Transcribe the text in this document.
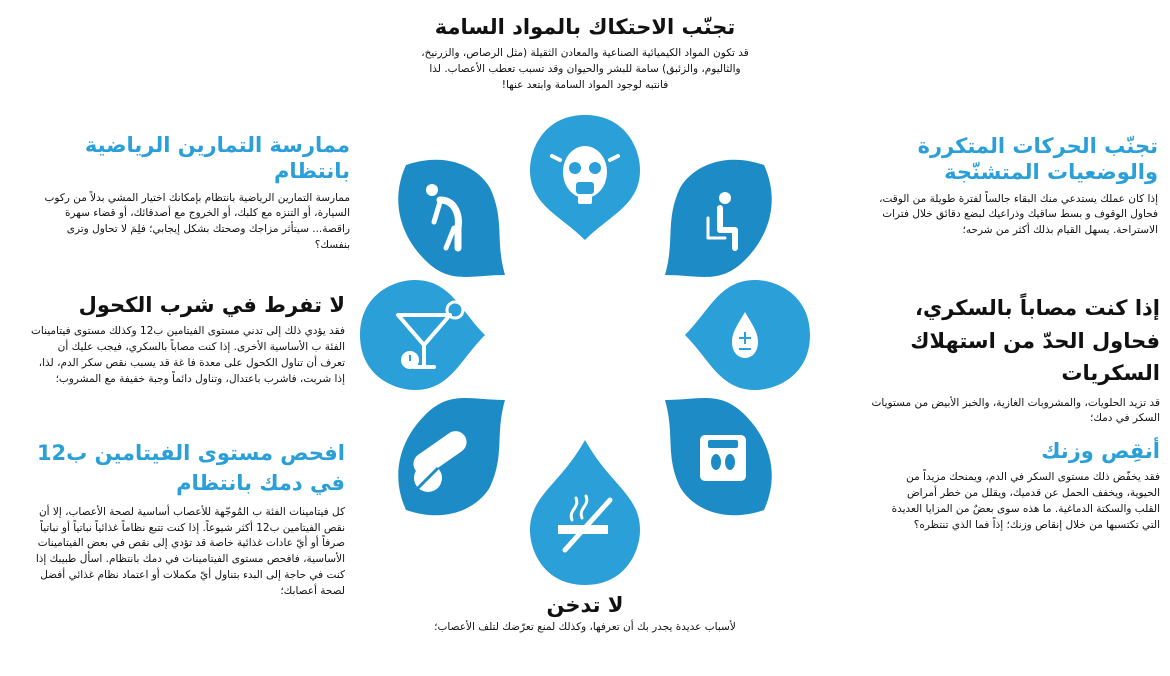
تجنّب الاحتكاك بالمواد السامة

قد تكون المواد الكيميائية الصناعية والمعادن الثقيلة (مثل الرصاص، والزرنيخ، والثاليوم، والزئبق) سامة للبشر والحيوان وقد تسبب تعطب الأعصاب. لذا فانتبه لوجود المواد السامة وابتعد عنها!

ممارسة التمارين الرياضية بانتظام

ممارسة التمارين الرياضية بانتظام بإمكانك اختيار المشي بدلاً من ركوب السيارة، أو التنزه مع كلبك، أو الخروج مع أصدقائك، أو قضاء سهرة راقصة... سيتأثر مزاجك وصحتك بشكل إيجابي؛ فلِمَ لا تحاول وترى بنفسك؟

تجنّب الحركات المتكررة والوضعيات المتشنّجة

إذا كان عملك يستدعي منك البقاء جالساً لفترة طويلة من الوقت، فحاول الوقوف و بسط ساقيك وذراعيك لبضع دقائق خلال فترات الاستراحة. يسهل القيام بذلك أكثر من شرحه؛

لا تفرط في شرب الكحول

فقد يؤدي ذلك إلى تدني مستوى الفيتامين ب12 وكذلك مستوى فيتامينات الفئة ب الأساسية الأخرى. إذا كنت مصاباً بالسكري، فيجب عليك أن تعرف أن تناول الكحول على معدة فا غة قد يسبب نقص سكر الدم، لذا، إذا شربت، فاشرب باعتدال، وتناول دائماً وجبة خفيفة مع المشروب؛

إذا كنت مصاباً بالسكري، فحاول الحدّ من استهلاك السكريات

قد تزيد الحلويات، والمشروبات الغازية، والخبز الأبيض من مستويات السكر في دمك؛

افحص مستوى الفيتامين ب12 في دمك بانتظام

كل فيتامينات الفئة ب المُوجّهة للأعصاب أساسية لصحة الأعصاب، إلا أن نقص الفيتامين ب12 أكثر شيوعاً. إذا كنت تتبع نظاماً غذائياً نباتياً أو نباتياً صرفاً أو أيّ عادات غذائية خاصة قد تؤدي إلى نقص في بعض الفيتامينات الأساسية، فافحص مستوى الفيتامينات في دمك بانتظام. اسأل طبيبك إذا كنت في حاجة إلى البدء بتناول أيّ مكملات أو اعتماد نظام غذائي أفضل لصحة أعصابك؛

أنقِص وزنك

فقد يخفّض ذلك مستوى السكر في الدم، ويمنحك مزيداً من الحيوية، ويخفف الحمل عن قدميك، ويقلل من خطر أمراض القلب والسكتة الدماغية. ما هذه سوى بعضٌ من المزايا العديدة التي تكتسبها من خلال إنقاص وزنك؛ إذاً فما الذي تنتظره؟

لا تدخن

لأسباب عديدة يجدر بك أن تعرفها، وكذلك لمنع تعرّضك لتلف الأعصاب؛
